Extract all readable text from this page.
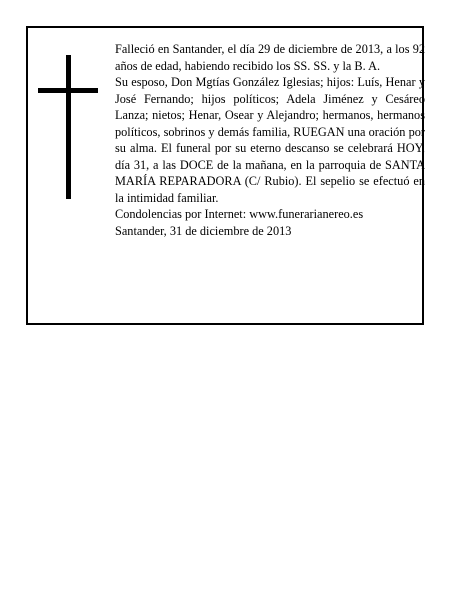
Falleció en Santander, el día 29 de diciembre de 2013, a los 92 años de edad, habiendo recibido los SS. SS. y la B. A.

Su esposo, Don Mgtías González Iglesias; hijos: Luís, Henar y José Fernando; hijos políticos; Adela Jiménez y Cesáreo Lanza; nietos; Henar, Osear y Alejandro; hermanos, hermanos políticos, sobrinos y demás familia, RUEGAN una oración por su alma. El funeral por su eterno descanso se celebrará HOY, día 31, a las DOCE de la mañana, en la parroquia de SANTA MARÍA REPARADORA (C/ Rubio). El sepelio se efectuó en la intimidad familiar.

Condolencias por Internet: www.funerarianereo.es

Santander, 31 de diciembre de 2013
